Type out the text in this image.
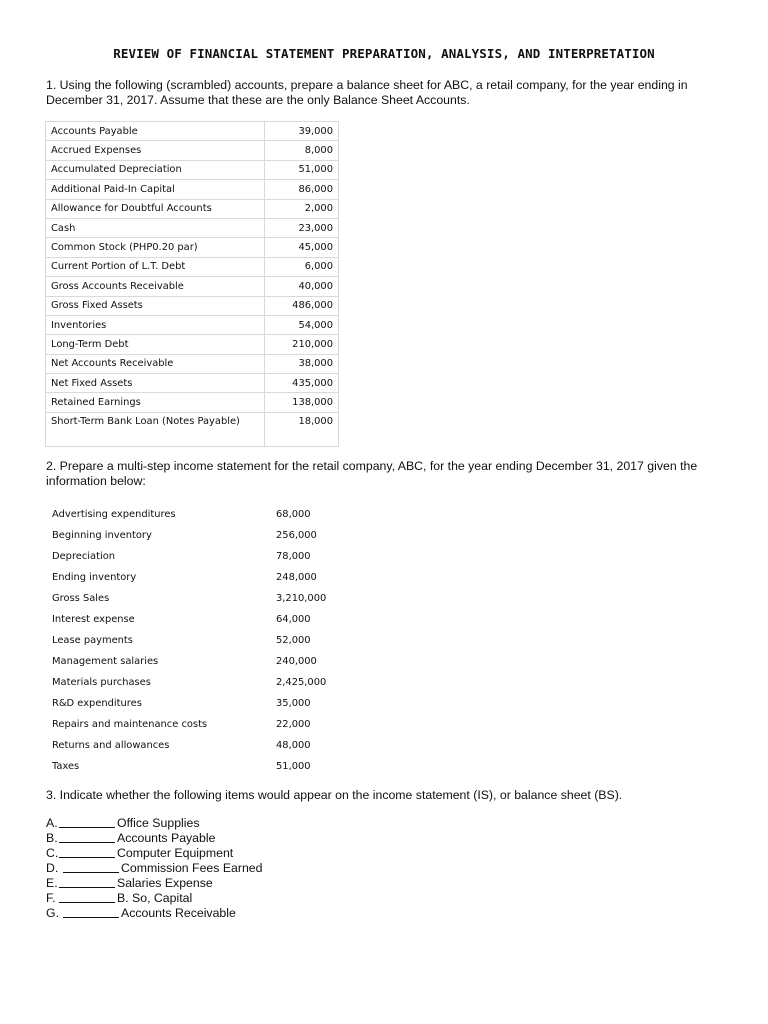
REVIEW OF FINANCIAL STATEMENT PREPARATION, ANALYSIS, AND INTERPRETATION
1. Using the following (scrambled) accounts, prepare a balance sheet for ABC, a retail company, for the year ending in December 31, 2017. Assume that these are the only Balance Sheet Accounts.
Accounts Payable	39,000
Accrued Expenses	8,000
Accumulated Depreciation	51,000
Additional Paid-In Capital	86,000
Allowance for Doubtful Accounts	2,000
Cash	23,000
Common Stock (PHP0.20 par)	45,000
Current Portion of L.T. Debt	6,000
Gross Accounts Receivable	40,000
Gross Fixed Assets	486,000
Inventories	54,000
Long-Term Debt	210,000
Net Accounts Receivable	38,000
Net Fixed Assets	435,000
Retained Earnings	138,000
Short-Term Bank Loan (Notes Payable)	18,000
2. Prepare a multi-step income statement for the retail company, ABC, for the year ending December 31, 2017 given the information below:
Advertising expenditures	68,000
Beginning inventory	256,000
Depreciation	78,000
Ending inventory	248,000
Gross Sales	3,210,000
Interest expense	64,000
Lease payments	52,000
Management salaries	240,000
Materials purchases	2,425,000
R&D expenditures	35,000
Repairs and maintenance costs	22,000
Returns and allowances	48,000
Taxes	51,000
3. Indicate whether the following items would appear on the income statement (IS), or balance sheet (BS).
A.	Office Supplies
B.	Accounts Payable
C.	Computer Equipment
D.	Commission Fees Earned
E.	Salaries Expense
F.	B. So, Capital
G.	Accounts Receivable
